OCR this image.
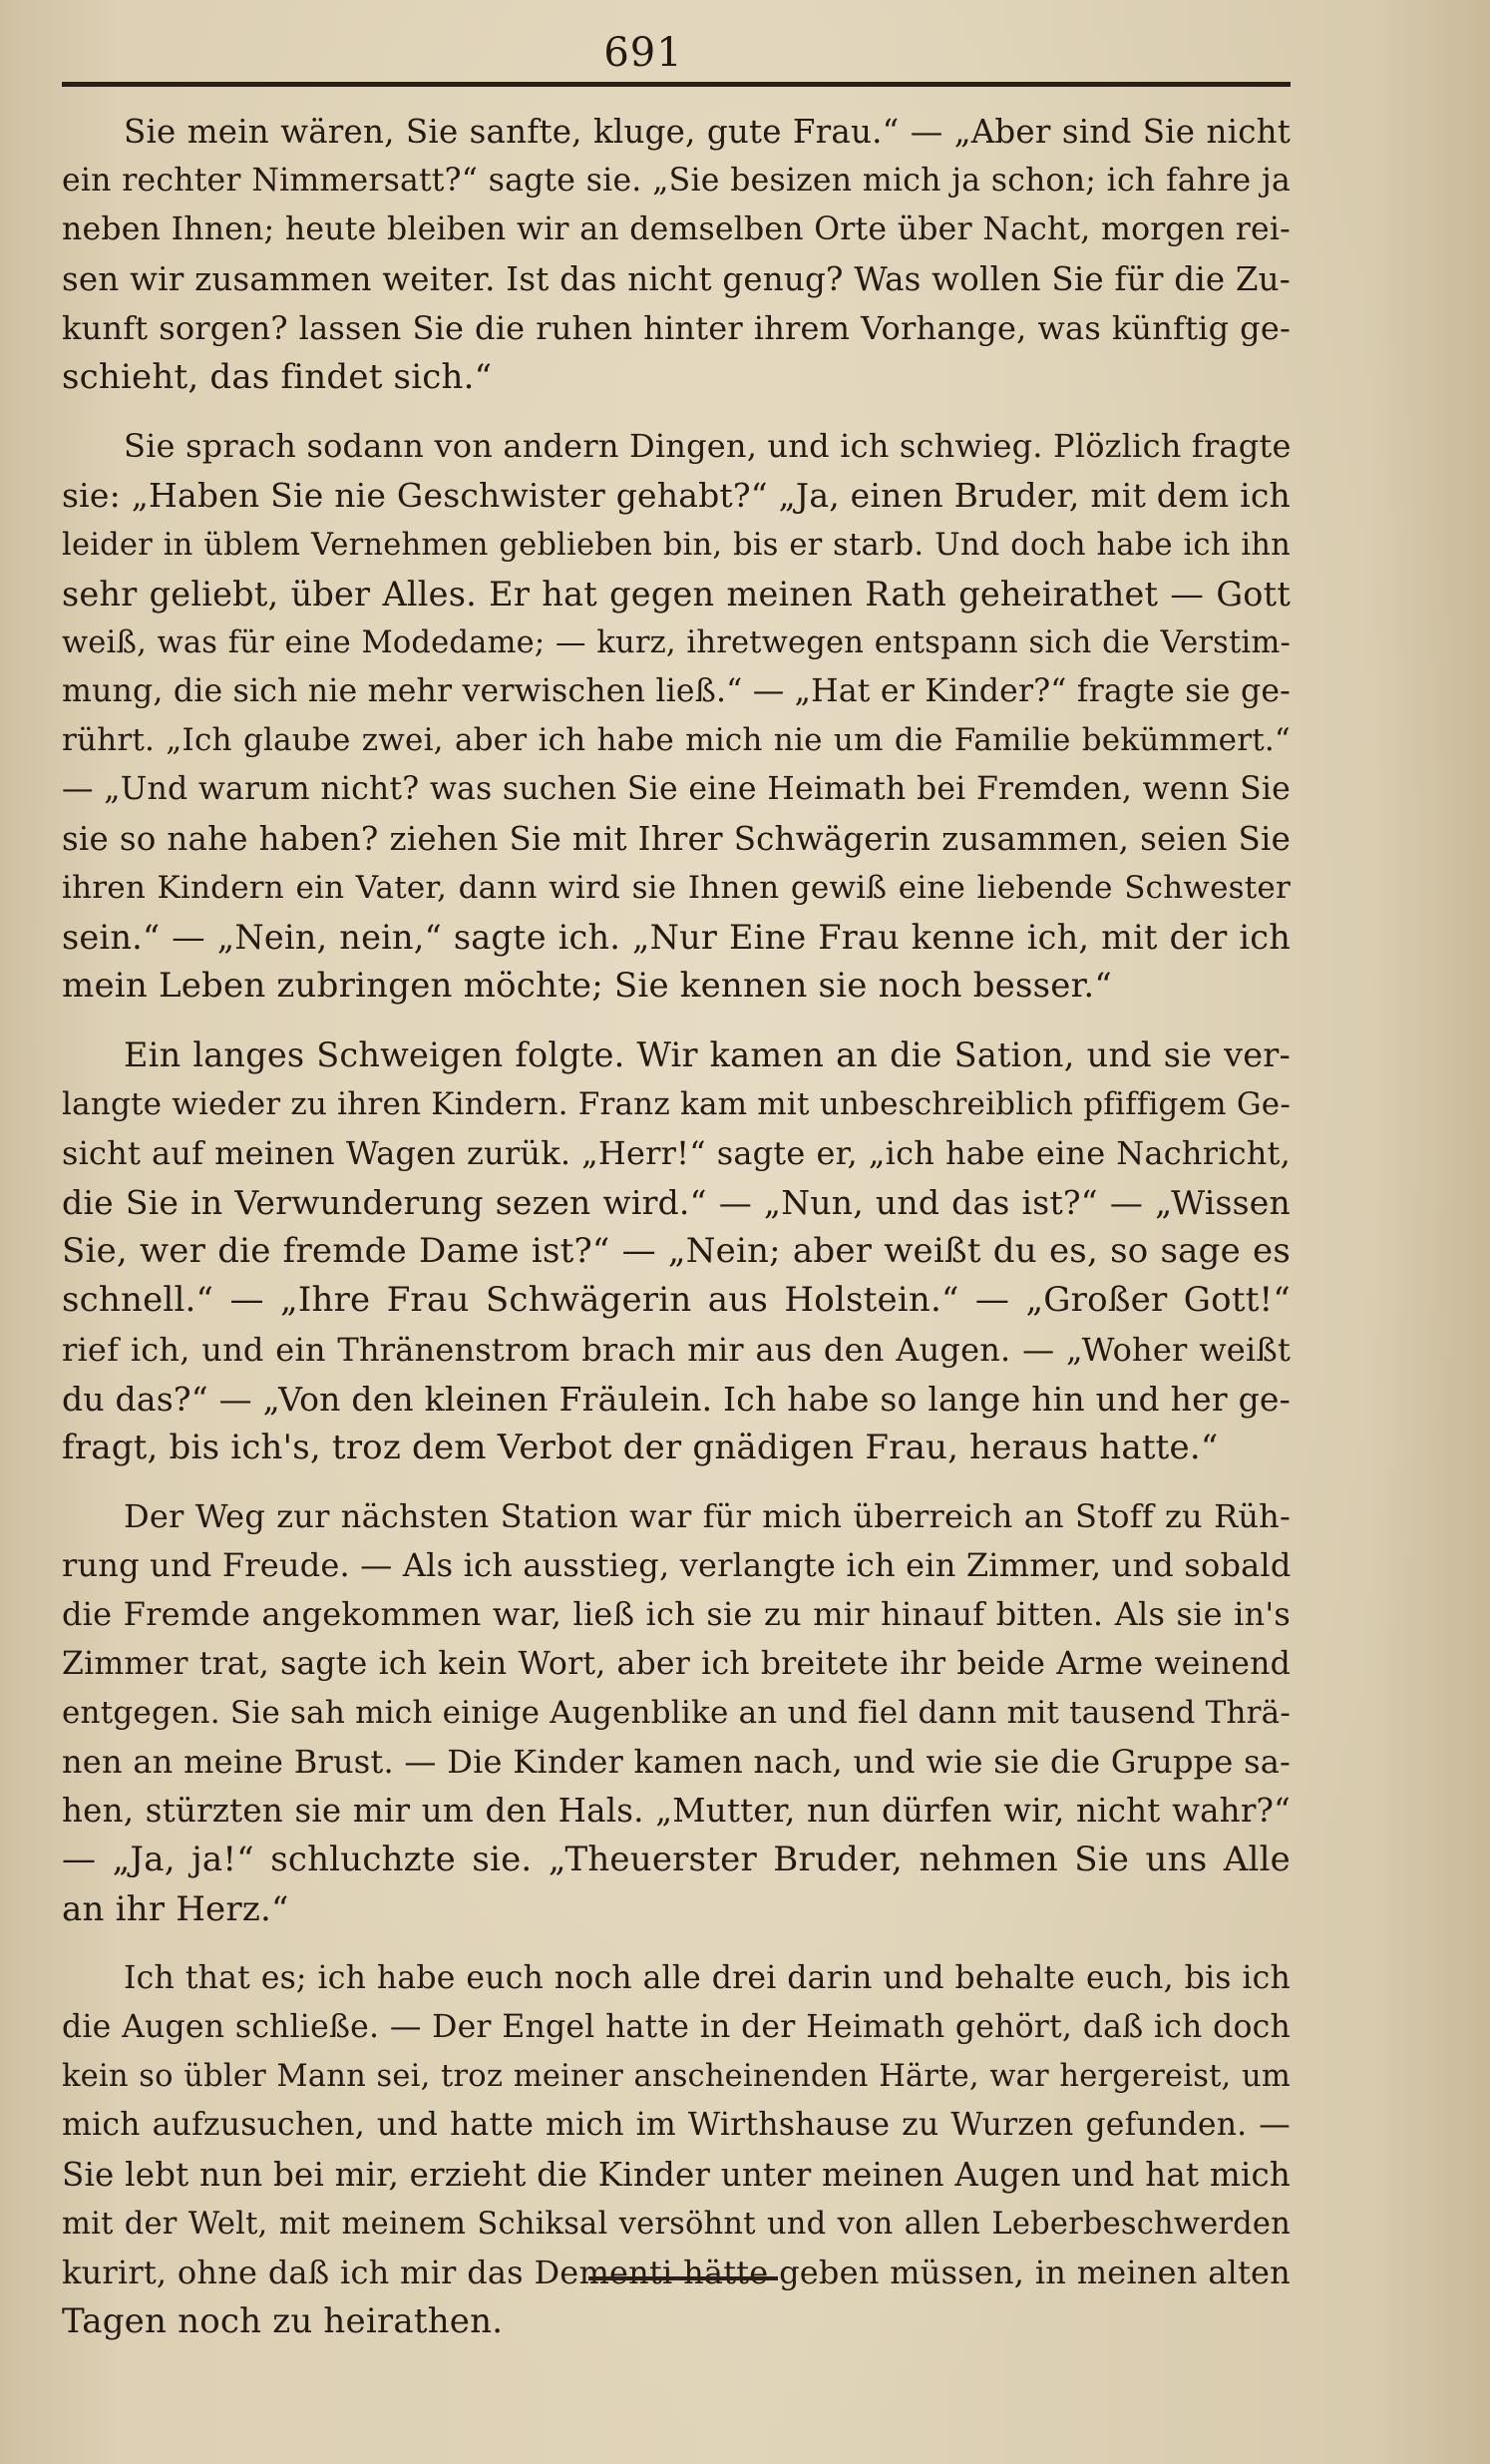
691
Sie mein wären, Sie sanfte, kluge, gute Frau.“ — „Aber sind Sie nicht
ein rechter Nimmersatt?“ sagte sie. „Sie besizen mich ja schon; ich fahre ja
neben Ihnen; heute bleiben wir an demselben Orte über Nacht, morgen rei-
sen wir zusammen weiter. Ist das nicht genug? Was wollen Sie für die Zu-
kunft sorgen? lassen Sie die ruhen hinter ihrem Vorhange, was künftig ge-
schieht, das findet sich.“
Sie sprach sodann von andern Dingen, und ich schwieg. Plözlich fragte
sie: „Haben Sie nie Geschwister gehabt?“ „Ja, einen Bruder, mit dem ich
leider in üblem Vernehmen geblieben bin, bis er starb. Und doch habe ich ihn
sehr geliebt, über Alles. Er hat gegen meinen Rath geheirathet — Gott
weiß, was für eine Modedame; — kurz, ihretwegen entspann sich die Verstim-
mung, die sich nie mehr verwischen ließ.“ — „Hat er Kinder?“ fragte sie ge-
rührt. „Ich glaube zwei, aber ich habe mich nie um die Familie bekümmert.“
— „Und warum nicht? was suchen Sie eine Heimath bei Fremden, wenn Sie
sie so nahe haben? ziehen Sie mit Ihrer Schwägerin zusammen, seien Sie
ihren Kindern ein Vater, dann wird sie Ihnen gewiß eine liebende Schwester
sein.“ — „Nein, nein,“ sagte ich. „Nur Eine Frau kenne ich, mit der ich
mein Leben zubringen möchte; Sie kennen sie noch besser.“
Ein langes Schweigen folgte. Wir kamen an die Sation, und sie ver-
langte wieder zu ihren Kindern. Franz kam mit unbeschreiblich pfiffigem Ge-
sicht auf meinen Wagen zurük. „Herr!“ sagte er, „ich habe eine Nachricht,
die Sie in Verwunderung sezen wird.“ — „Nun, und das ist?“ — „Wissen
Sie, wer die fremde Dame ist?“ — „Nein; aber weißt du es, so sage es
schnell.“ — „Ihre Frau Schwägerin aus Holstein.“ — „Großer Gott!“
rief ich, und ein Thränenstrom brach mir aus den Augen. — „Woher weißt
du das?“ — „Von den kleinen Fräulein. Ich habe so lange hin und her ge-
fragt, bis ich's, troz dem Verbot der gnädigen Frau, heraus hatte.“
Der Weg zur nächsten Station war für mich überreich an Stoff zu Rüh-
rung und Freude. — Als ich ausstieg, verlangte ich ein Zimmer, und sobald
die Fremde angekommen war, ließ ich sie zu mir hinauf bitten. Als sie in's
Zimmer trat, sagte ich kein Wort, aber ich breitete ihr beide Arme weinend
entgegen. Sie sah mich einige Augenblike an und fiel dann mit tausend Thrä-
nen an meine Brust. — Die Kinder kamen nach, und wie sie die Gruppe sa-
hen, stürzten sie mir um den Hals. „Mutter, nun dürfen wir, nicht wahr?“
— „Ja, ja!“ schluchzte sie. „Theuerster Bruder, nehmen Sie uns Alle
an ihr Herz.“
Ich that es; ich habe euch noch alle drei darin und behalte euch, bis ich
die Augen schließe. — Der Engel hatte in der Heimath gehört, daß ich doch
kein so übler Mann sei, troz meiner anscheinenden Härte, war hergereist, um
mich aufzusuchen, und hatte mich im Wirthshause zu Wurzen gefunden. —
Sie lebt nun bei mir, erzieht die Kinder unter meinen Augen und hat mich
mit der Welt, mit meinem Schiksal versöhnt und von allen Leberbeschwerden
kurirt, ohne daß ich mir das Dementi hätte geben müssen, in meinen alten
Tagen noch zu heirathen.
